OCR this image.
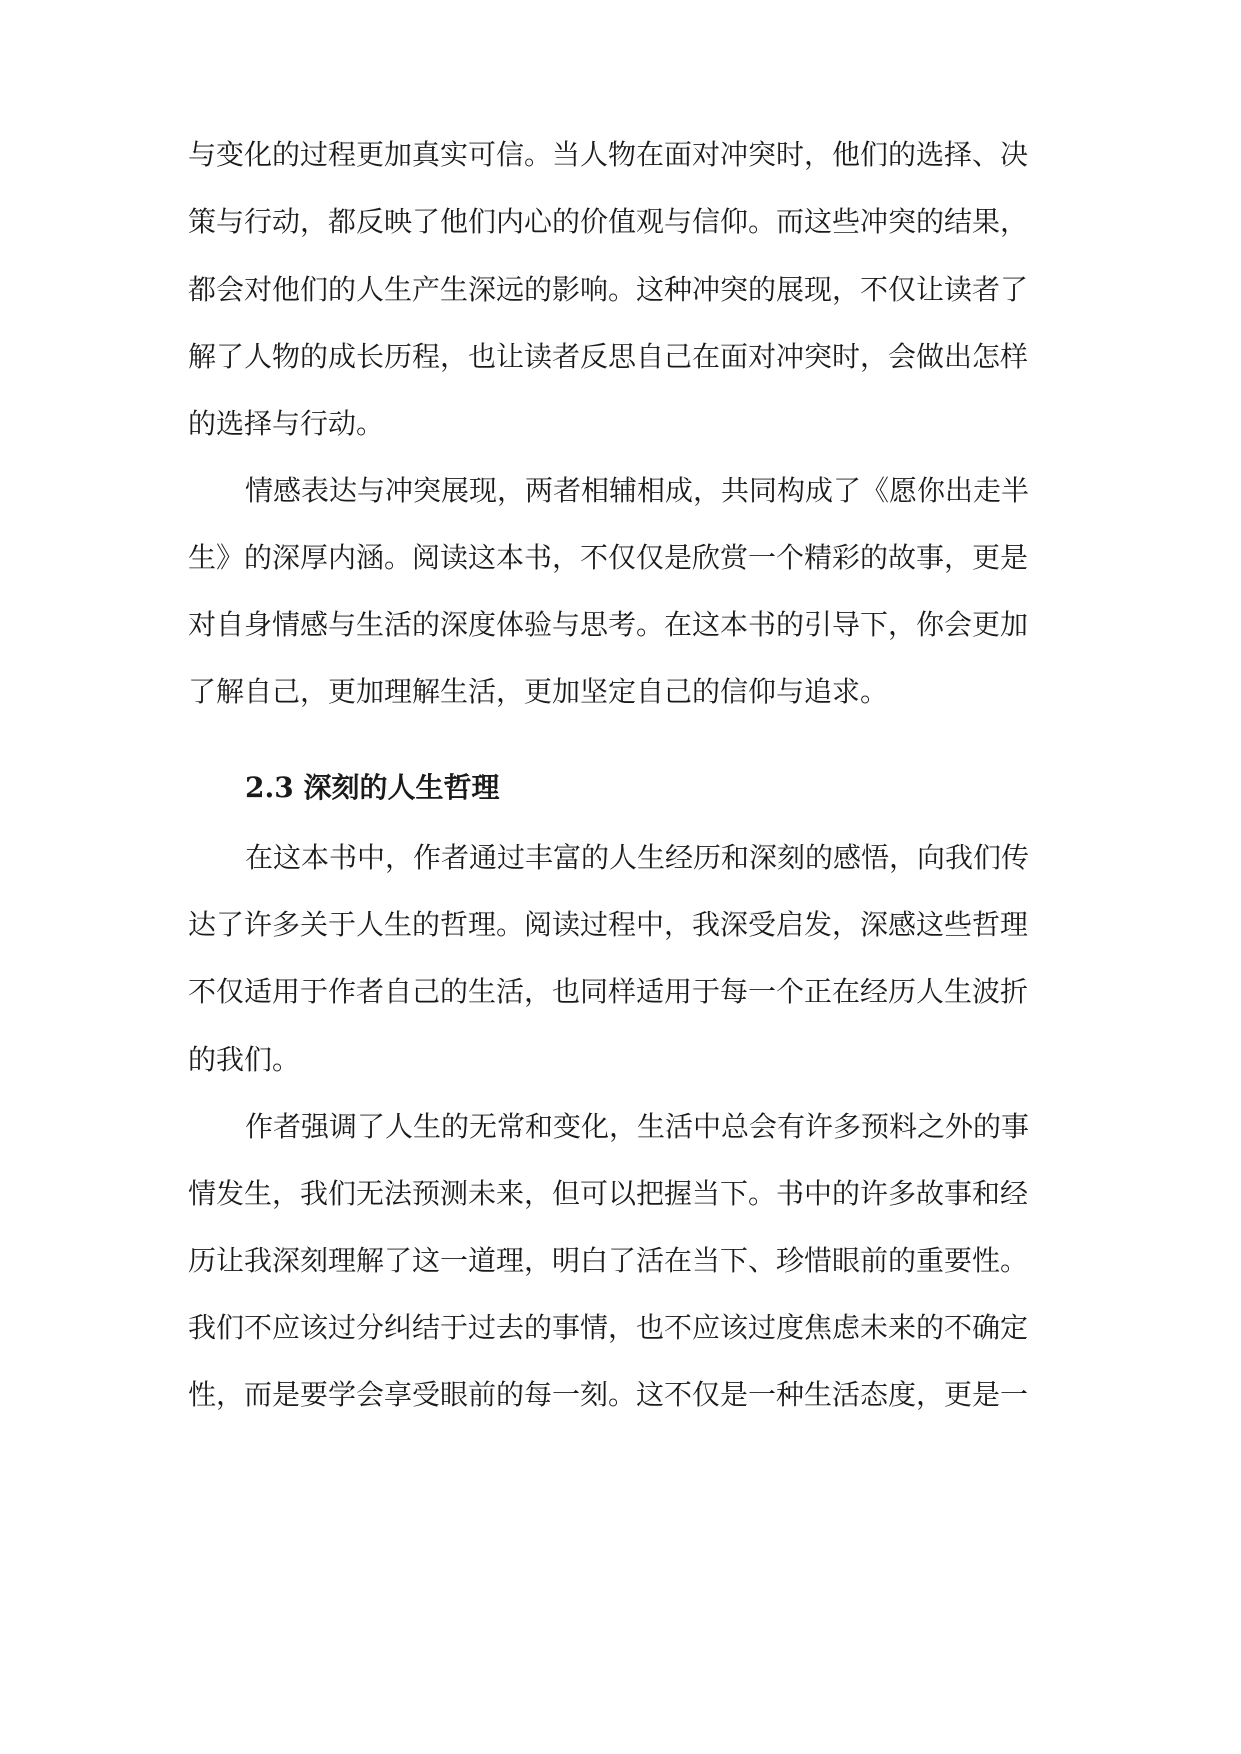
与变化的过程更加真实可信。当人物在面对冲突时，他们的选择、决
策与行动，都反映了他们内心的价值观与信仰。而这些冲突的结果，
都会对他们的人生产生深远的影响。这种冲突的展现，不仅让读者了
解了人物的成长历程，也让读者反思自己在面对冲突时，会做出怎样
的选择与行动。
情感表达与冲突展现，两者相辅相成，共同构成了《愿你出走半
生》的深厚内涵。阅读这本书，不仅仅是欣赏一个精彩的故事，更是
对自身情感与生活的深度体验与思考。在这本书的引导下，你会更加
了解自己，更加理解生活，更加坚定自己的信仰与追求。
2.3 深刻的人生哲理
在这本书中，作者通过丰富的人生经历和深刻的感悟，向我们传
达了许多关于人生的哲理。阅读过程中，我深受启发，深感这些哲理
不仅适用于作者自己的生活，也同样适用于每一个正在经历人生波折
的我们。
作者强调了人生的无常和变化，生活中总会有许多预料之外的事
情发生，我们无法预测未来，但可以把握当下。书中的许多故事和经
历让我深刻理解了这一道理，明白了活在当下、珍惜眼前的重要性。
我们不应该过分纠结于过去的事情，也不应该过度焦虑未来的不确定
性，而是要学会享受眼前的每一刻。这不仅是一种生活态度，更是一
